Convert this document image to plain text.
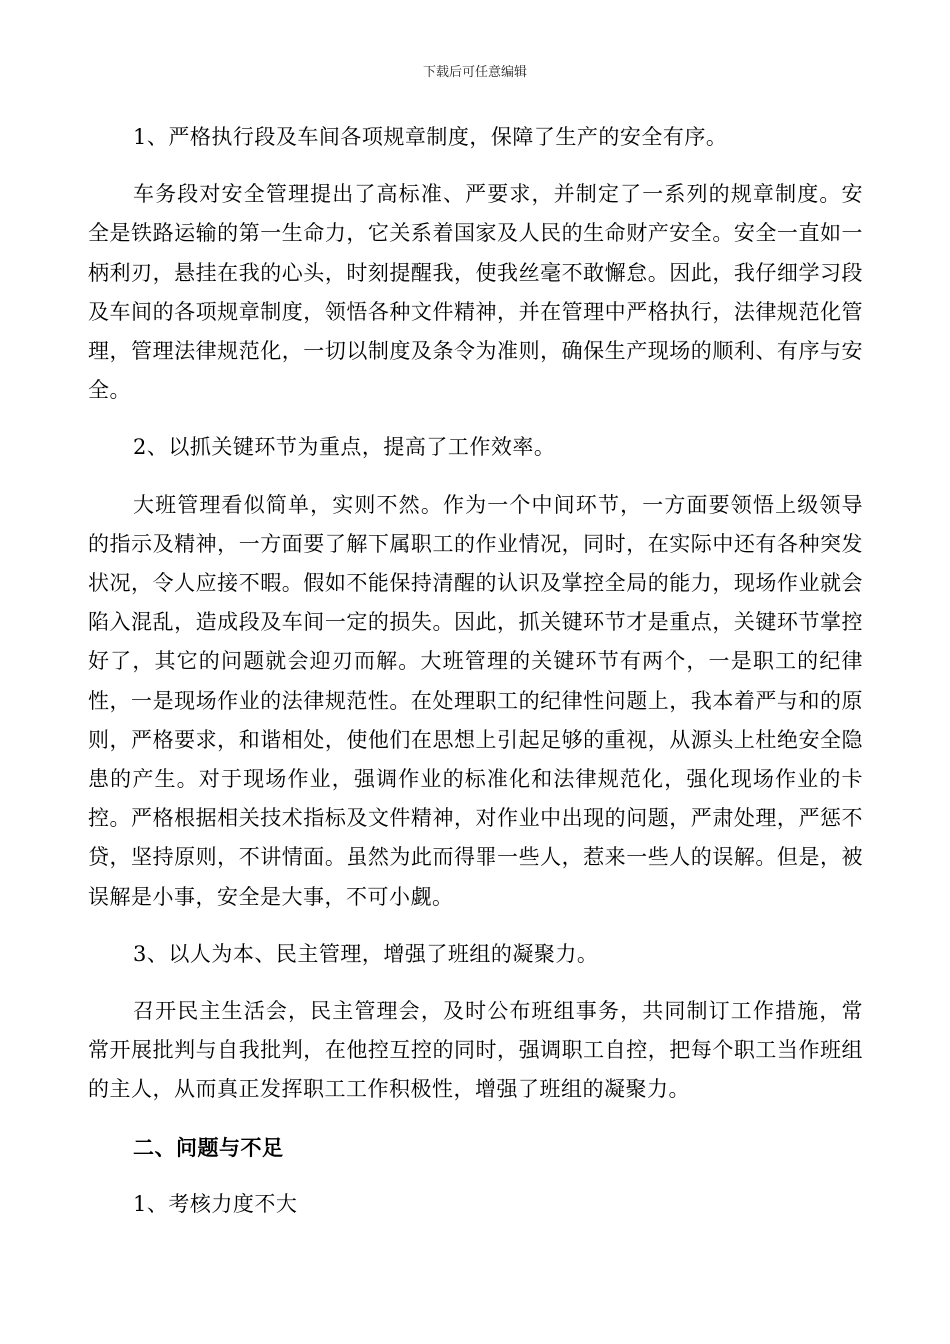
下载后可任意编辑

1、严格执行段及车间各项规章制度，保障了生产的安全有序。

车务段对安全管理提出了高标准、严要求，并制定了一系列的规章制度。安全是铁路运输的第一生命力，它关系着国家及人民的生命财产安全。安全一直如一柄利刃，悬挂在我的心头，时刻提醒我，使我丝毫不敢懈怠。因此，我仔细学习段及车间的各项规章制度，领悟各种文件精神，并在管理中严格执行，法律规范化管理，管理法律规范化，一切以制度及条令为准则，确保生产现场的顺利、有序与安全。

2、以抓关键环节为重点，提高了工作效率。

大班管理看似简单，实则不然。作为一个中间环节，一方面要领悟上级领导的指示及精神，一方面要了解下属职工的作业情况，同时，在实际中还有各种突发状况，令人应接不暇。假如不能保持清醒的认识及掌控全局的能力，现场作业就会陷入混乱，造成段及车间一定的损失。因此，抓关键环节才是重点，关键环节掌控好了，其它的问题就会迎刃而解。大班管理的关键环节有两个，一是职工的纪律性，一是现场作业的法律规范性。在处理职工的纪律性问题上，我本着严与和的原则，严格要求，和谐相处，使他们在思想上引起足够的重视，从源头上杜绝安全隐患的产生。对于现场作业，强调作业的标准化和法律规范化，强化现场作业的卡控。严格根据相关技术指标及文件精神，对作业中出现的问题，严肃处理，严惩不贷，坚持原则，不讲情面。虽然为此而得罪一些人，惹来一些人的误解。但是，被误解是小事，安全是大事，不可小觑。

3、以人为本、民主管理，增强了班组的凝聚力。

召开民主生活会，民主管理会，及时公布班组事务，共同制订工作措施，常常开展批判与自我批判，在他控互控的同时，强调职工自控，把每个职工当作班组的主人，从而真正发挥职工工作积极性，增强了班组的凝聚力。

二、问题与不足

1、考核力度不大
